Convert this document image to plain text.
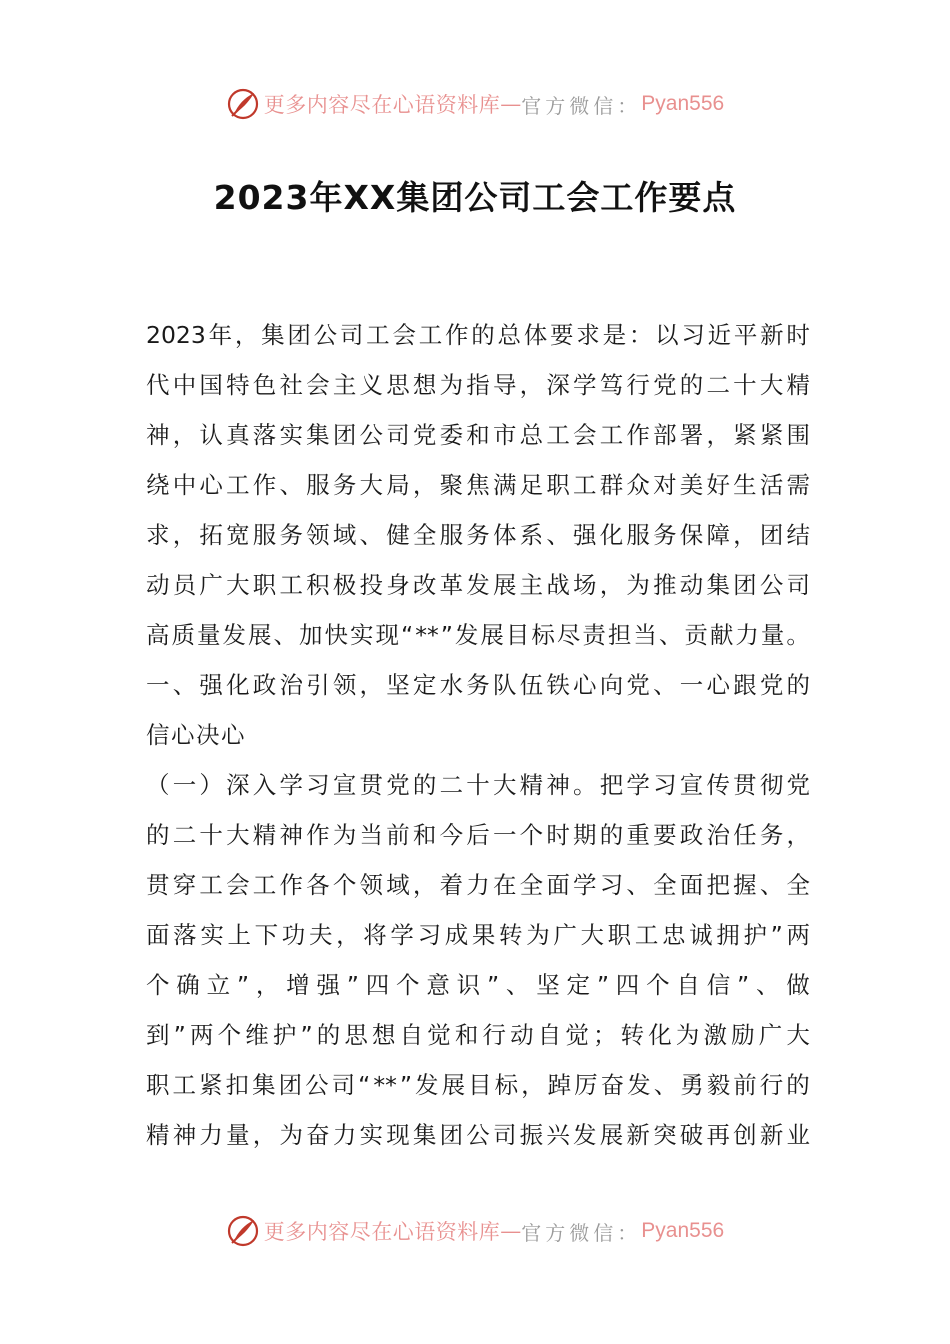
更多内容尽在心语资料库 — 官方微信： Pyan556
2023年XX集团公司工会工作要点
2023 年 ， 集 团 公 司 工 会 工 作 的 总 体 要 求 是 ： 以 习 近 平 新 时
代 中 国 特 色 社 会 主 义 思 想 为 指 导 ， 深 学 笃 行 党 的 二 十 大 精
神 ， 认 真 落 实 集 团 公 司 党 委 和 市 总 工 会 工 作 部 署 ， 紧 紧 围
绕 中 心 工 作 、 服 务 大 局 ， 聚 焦 满 足 职 工 群 众 对 美 好 生 活 需
求 ， 拓 宽 服 务 领 域 、 健 全 服 务 体 系 、 强 化 服 务 保 障 ， 团 结
动 员 广 大 职 工 积 极 投 身 改 革 发 展 主 战 场 ， 为 推 动 集 团 公 司
高 质 量 发 展 、 加 快 实 现 “ ** ” 发 展 目 标 尽 责 担 当 、 贡 献 力 量 。
一 、 强 化 政 治 引 领 ， 坚 定 水 务 队 伍 铁 心 向 党 、 一 心 跟 党 的
信 心 决 心
（ 一 ） 深 入 学 习 宣 贯 党 的 二 十 大 精 神 。 把 学 习 宣 传 贯 彻 党
的 二 十 大 精 神 作 为 当 前 和 今 后 一 个 时 期 的 重 要 政 治 任 务 ，
贯 穿 工 会 工 作 各 个 领 域 ， 着 力 在 全 面 学 习 、 全 面 把 握 、 全
面 落 实 上 下 功 夫 ， 将 学 习 成 果 转 为 广 大 职 工 忠 诚 拥 护 ” 两
个 确 立 ” ， 增 强 ” 四 个 意 识 ” 、 坚 定 ” 四 个 自 信 ” 、 做
到 ” 两 个 维 护 ” 的 思 想 自 觉 和 行 动 自 觉 ； 转 化 为 激 励 广 大
职 工 紧 扣 集 团 公 司 “ ** ” 发 展 目 标 ， 踔 厉 奋 发 、 勇 毅 前 行 的
精 神 力 量 ， 为 奋 力 实 现 集 团 公 司 振 兴 发 展 新 突 破 再 创 新 业
更多内容尽在心语资料库 — 官方微信： Pyan556
